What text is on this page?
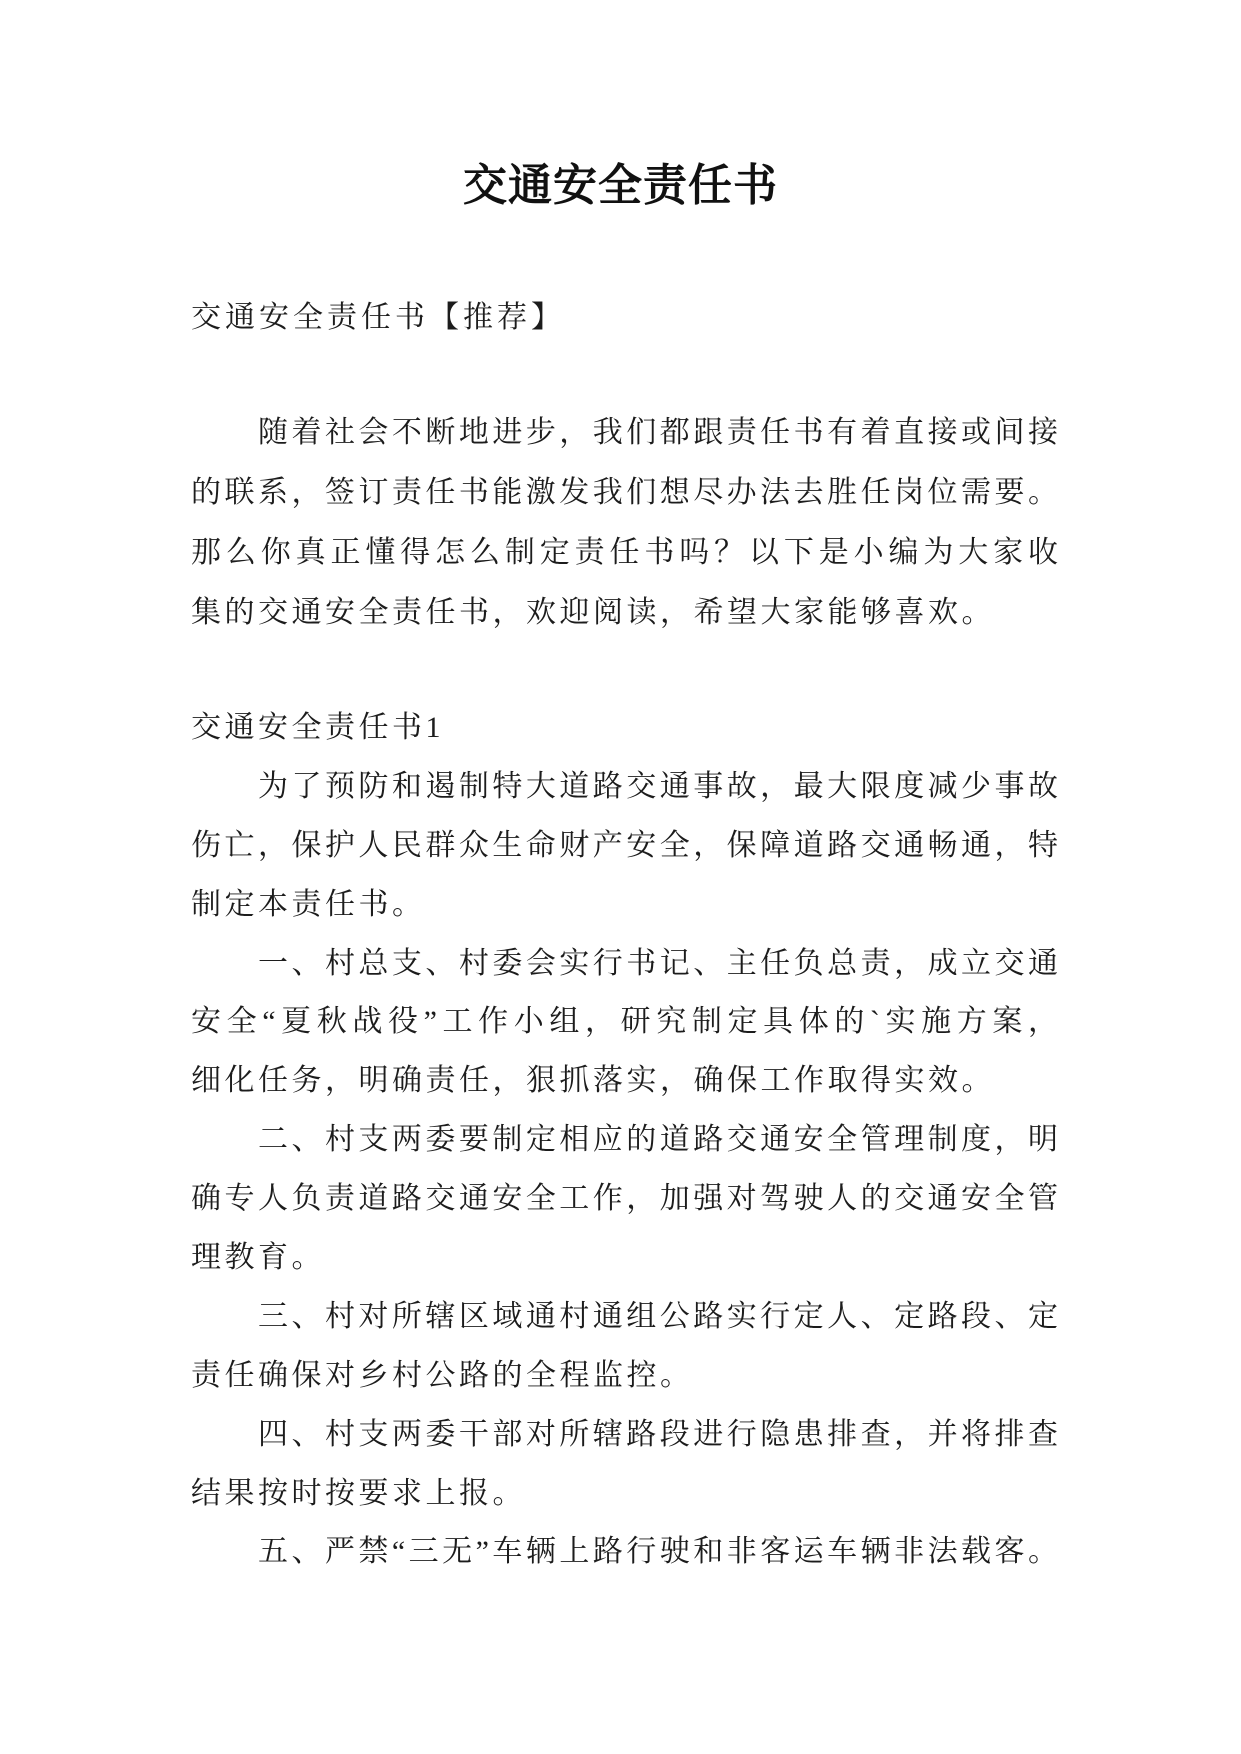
交通安全责任书
交通安全责任书【推荐】
随着社会不断地进步，我们都跟责任书有着直接或间接
的联系，签订责任书能激发我们想尽办法去胜任岗位需要。
那么你真正懂得怎么制定责任书吗？以下是小编为大家收
集的交通安全责任书，欢迎阅读，希望大家能够喜欢。
交通安全责任书1
为了预防和遏制特大道路交通事故，最大限度减少事故
伤亡，保护人民群众生命财产安全，保障道路交通畅通，特
制定本责任书。
一、村总支、村委会实行书记、主任负总责，成立交通
安全“夏秋战役”工作小组，研究制定具体的`实施方案，
细化任务，明确责任，狠抓落实，确保工作取得实效。
二、村支两委要制定相应的道路交通安全管理制度，明
确专人负责道路交通安全工作，加强对驾驶人的交通安全管
理教育。
三、村对所辖区域通村通组公路实行定人、定路段、定
责任确保对乡村公路的全程监控。
四、村支两委干部对所辖路段进行隐患排查，并将排查
结果按时按要求上报。
五、严禁“三无”车辆上路行驶和非客运车辆非法载客。
